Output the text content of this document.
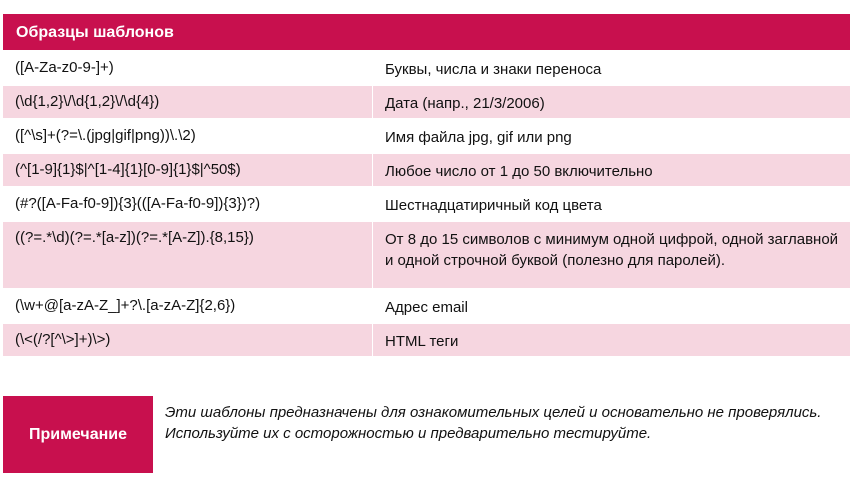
Образцы шаблонов
([A-Za-z0-9-]+)	Буквы, числа и знаки переноса
(\d{1,2}\/\d{1,2}\/\d{4})	Дата (напр., 21/3/2006)
([^\s]+(?=\.(jpg|gif|png))\.\2)	Имя файла jpg, gif или png
(^[1-9]{1}$|^[1-4]{1}[0-9]{1}$|^50$)	Любое число от 1 до 50 включительно
(#?([A-Fa-f0-9]){3}(([A-Fa-f0-9]){3})?)	Шестнадцатиричный код цвета
((?=.*\d)(?=.*[a-z])(?=.*[A-Z]).{8,15})	От 8 до 15 символов с минимум одной цифрой, одной заглавной и одной строчной буквой (полезно для паролей).
(\w+@[a-zA-Z_]+?\.[a-zA-Z]{2,6})	Адрес email
(\<(/?[^\>]+)\>)	HTML теги
Примечание
Эти шаблоны предназначены для ознакомительных целей и основательно не проверялись. Используйте их с осторожностью и предварительно тестируйте.
